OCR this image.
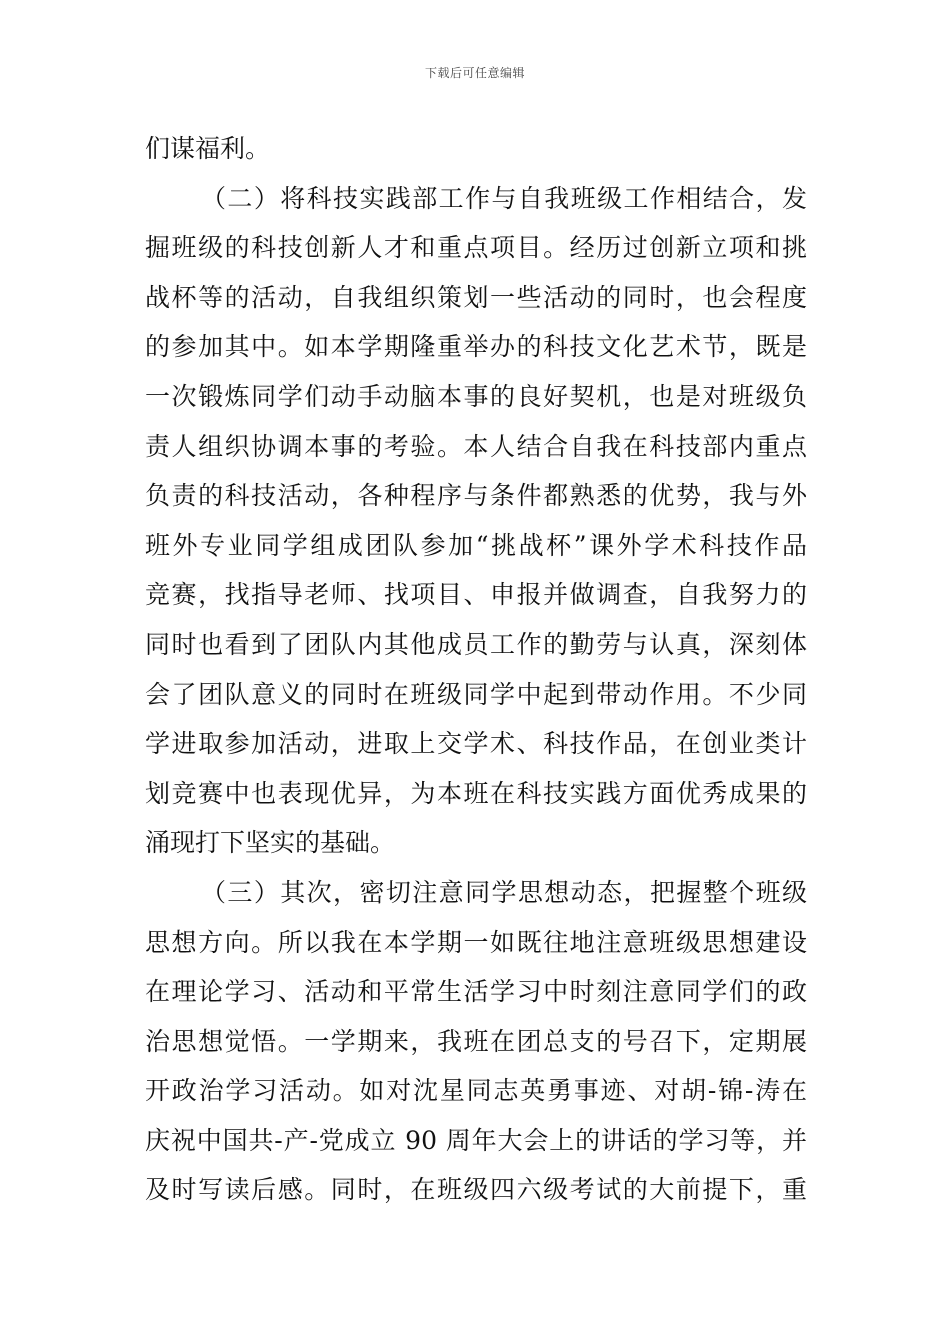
下载后可任意编辑
们谋福利。
（二）将科技实践部工作与自我班级工作相结合，发
掘班级的科技创新人才和重点项目。经历过创新立项和挑
战杯等的活动，自我组织策划一些活动的同时，也会程度
的参加其中。如本学期隆重举办的科技文化艺术节，既是
一次锻炼同学们动手动脑本事的良好契机，也是对班级负
责人组织协调本事的考验。本人结合自我在科技部内重点
负责的科技活动，各种程序与条件都熟悉的优势，我与外
班外专业同学组成团队参加“挑战杯”课外学术科技作品
竞赛，找指导老师、找项目、申报并做调查，自我努力的
同时也看到了团队内其他成员工作的勤劳与认真，深刻体
会了团队意义的同时在班级同学中起到带动作用。不少同
学进取参加活动，进取上交学术、科技作品，在创业类计
划竞赛中也表现优异，为本班在科技实践方面优秀成果的
涌现打下坚实的基础。
（三）其次，密切注意同学思想动态，把握整个班级
思想方向。所以我在本学期一如既往地注意班级思想建设
在理论学习、活动和平常生活学习中时刻注意同学们的政
治思想觉悟。一学期来，我班在团总支的号召下，定期展
开政治学习活动。如对沈星同志英勇事迹、对胡-锦-涛在
庆祝中国共-产-党成立 90 周年大会上的讲话的学习等，并
及时写读后感。同时，在班级四六级考试的大前提下，重
